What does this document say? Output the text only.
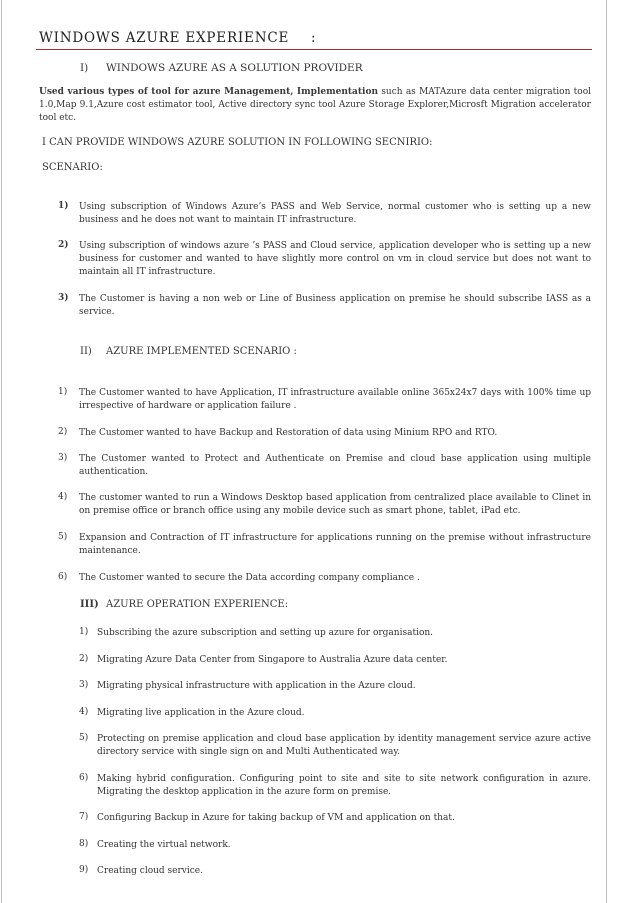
WINDOWS AZURE EXPERIENCE :
I) WINDOWS AZURE AS A SOLUTION PROVIDER
Used various types of tool for azure Management, Implementation such as MATAzure data center migration tool 1.0,Map 9.1,Azure cost estimator tool, Active directory sync tool Azure Storage Explorer,Microsft Migration accelerator tool etc.
I CAN PROVIDE WINDOWS AZURE SOLUTION IN FOLLOWING SECNIRIO:
SCENARIO:
1) Using subscription of Windows Azure’s PASS and Web Service, normal customer who is setting up a new business and he does not want to maintain IT infrastructure.
2) Using subscription of windows azure ’s PASS and Cloud service, application developer who is setting up a new business for customer and wanted to have slightly more control on vm in cloud service but does not want to maintain all IT infrastructure.
3) The Customer is having a non web or Line of Business application on premise he should subscribe IASS as a service.
II) AZURE IMPLEMENTED SCENARIO :
1) The Customer wanted to have Application, IT infrastructure available online 365x24x7 days with 100% time up irrespective of hardware or application failure .
2) The Customer wanted to have Backup and Restoration of data using Minium RPO and RTO.
3) The Customer wanted to Protect and Authenticate on Premise and cloud base application using multiple authentication.
4) The customer wanted to run a Windows Desktop based application from centralized place available to Clinet in on premise office or branch office using any mobile device such as smart phone, tablet, iPad etc.
5) Expansion and Contraction of IT infrastructure for applications running on the premise without infrastructure maintenance.
6) The Customer wanted to secure the Data according company compliance .
III) AZURE OPERATION EXPERIENCE:
1) Subscribing the azure subscription and setting up azure for organisation.
2) Migrating Azure Data Center from Singapore to Australia Azure data center.
3) Migrating physical infrastructure with application in the Azure cloud.
4) Migrating live application in the Azure cloud.
5) Protecting on premise application and cloud base application by identity management service azure active directory service with single sign on and Multi Authenticated way.
6) Making hybrid configuration. Configuring point to site and site to site network configuration in azure. Migrating the desktop application in the azure form on premise.
7) Configuring Backup in Azure for taking backup of VM and application on that.
8) Creating the virtual network.
9) Creating cloud service.
